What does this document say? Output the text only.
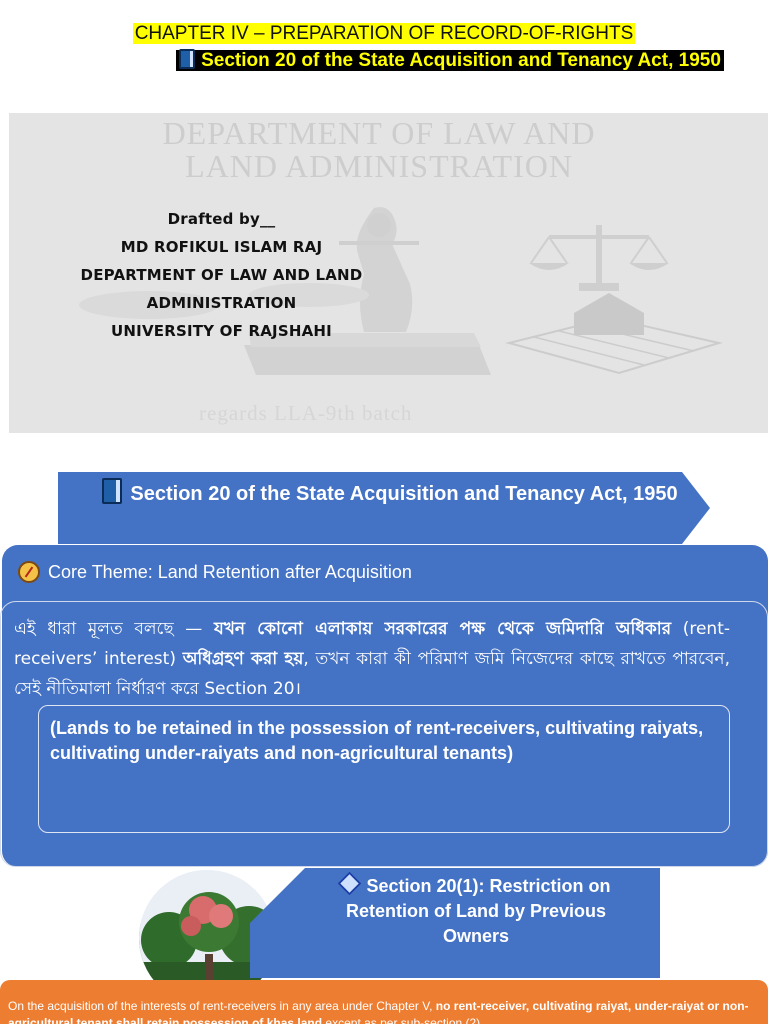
CHAPTER IV – PREPARATION OF RECORD-OF-RIGHTS
Section 20 of the State Acquisition and Tenancy Act, 1950
DEPARTMENT OF LAW AND LAND ADMINISTRATION
regards LLA-9th batch
Drafted by__
MD ROFIKUL ISLAM RAJ
DEPARTMENT OF LAW AND LAND ADMINISTRATION
UNIVERSITY OF RAJSHAHI
Section 20 of the State Acquisition and Tenancy Act, 1950
Core Theme: Land Retention after Acquisition
এই ধারা মূলত বলছে — যখন কোনো এলাকায় সরকারের পক্ষ থেকে জমিদারি অধিকার (rent-receivers’ interest) অধিগ্রহণ করা হয়, তখন কারা কী পরিমাণ জমি নিজেদের কাছে রাখতে পারবেন, সেই নীতিমালা নির্ধারণ করে Section 20।
(Lands to be retained in the possession of rent-receivers, cultivating raiyats, cultivating under-raiyats and non-agricultural tenants)
Section 20(1): Restriction on Retention of Land by Previous Owners
On the acquisition of the interests of rent-receivers in any area under Chapter V, no rent-receiver, cultivating raiyat, under-raiyat or non-agricultural tenant shall retain possession of khas land except as per sub-section (2).
